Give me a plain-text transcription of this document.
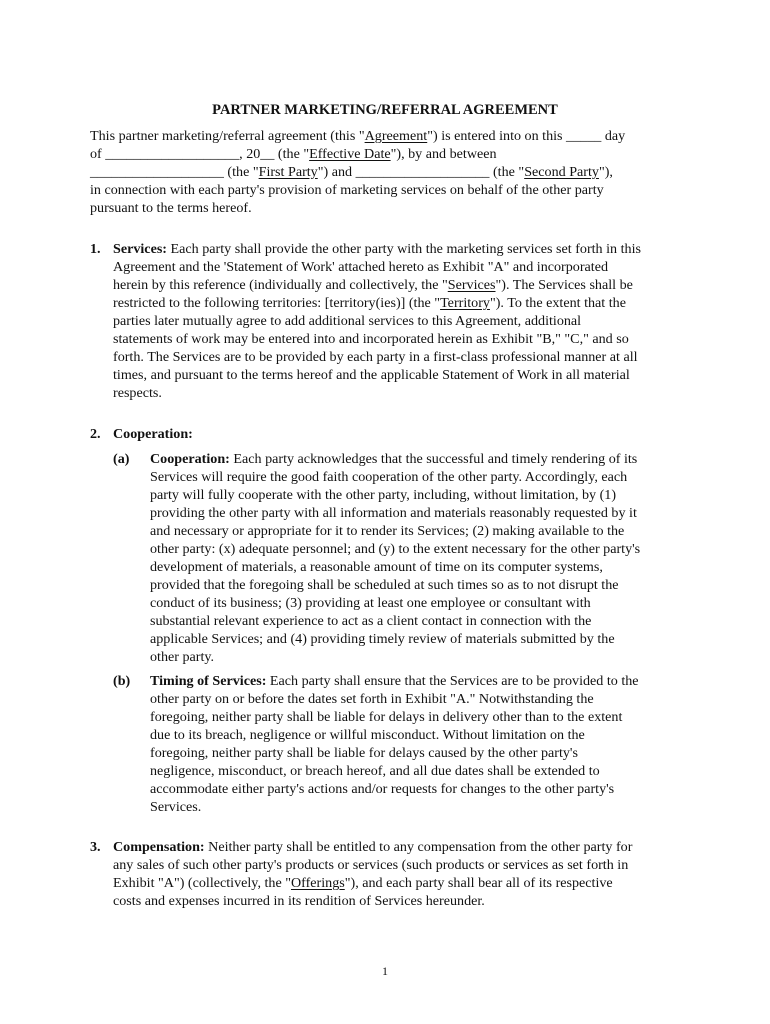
PARTNER MARKETING/REFERRAL AGREEMENT
This partner marketing/referral agreement (this "Agreement") is entered into on this _____ day
of ___________________, 20__ (the "Effective Date"), by and between
___________________ (the "First Party") and ___________________ (the "Second Party"),
in connection with each party's provision of marketing services on behalf of the other party
pursuant to the terms hereof.
1. Services: Each party shall provide the other party with the marketing services set forth in this
Agreement and the 'Statement of Work' attached hereto as Exhibit "A" and incorporated
herein by this reference (individually and collectively, the "Services"). The Services shall be
restricted to the following territories: [territory(ies)] (the "Territory"). To the extent that the
parties later mutually agree to add additional services to this Agreement, additional
statements of work may be entered into and incorporated herein as Exhibit "B," "C," and so
forth. The Services are to be provided by each party in a first-class professional manner at all
times, and pursuant to the terms hereof and the applicable Statement of Work in all material
respects.
2. Cooperation:
(a) Cooperation: Each party acknowledges that the successful and timely rendering of its
Services will require the good faith cooperation of the other party. Accordingly, each
party will fully cooperate with the other party, including, without limitation, by (1)
providing the other party with all information and materials reasonably requested by it
and necessary or appropriate for it to render its Services; (2) making available to the
other party: (x) adequate personnel; and (y) to the extent necessary for the other party's
development of materials, a reasonable amount of time on its computer systems,
provided that the foregoing shall be scheduled at such times so as to not disrupt the
conduct of its business; (3) providing at least one employee or consultant with
substantial relevant experience to act as a client contact in connection with the
applicable Services; and (4) providing timely review of materials submitted by the
other party.
(b) Timing of Services: Each party shall ensure that the Services are to be provided to the
other party on or before the dates set forth in Exhibit "A." Notwithstanding the
foregoing, neither party shall be liable for delays in delivery other than to the extent
due to its breach, negligence or willful misconduct. Without limitation on the
foregoing, neither party shall be liable for delays caused by the other party's
negligence, misconduct, or breach hereof, and all due dates shall be extended to
accommodate either party's actions and/or requests for changes to the other party's
Services.
3. Compensation: Neither party shall be entitled to any compensation from the other party for
any sales of such other party's products or services (such products or services as set forth in
Exhibit "A") (collectively, the "Offerings"), and each party shall bear all of its respective
costs and expenses incurred in its rendition of Services hereunder.
1
